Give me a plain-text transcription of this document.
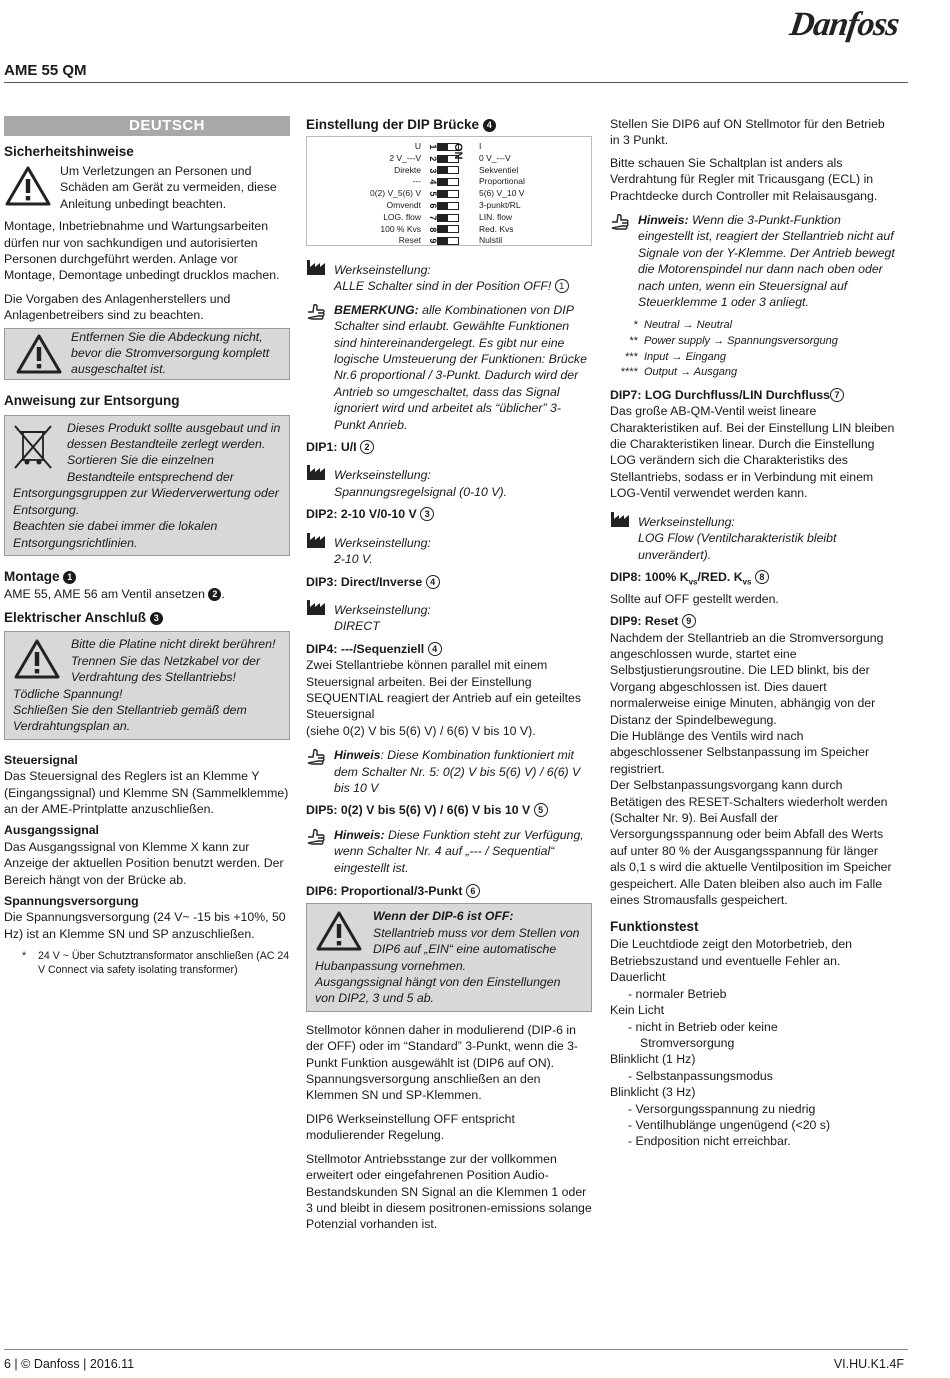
Danfoss
AME 55 QM
DEUTSCH
Sicherheitshinweise

Um Verletzungen an Personen und Schäden am Gerät zu vermeiden, diese Anleitung unbedingt beachten.

Montage, Inbetriebnahme und Wartungsarbeiten dürfen nur von sachkundigen und autorisierten Personen durchgeführt werden. Anlage vor Montage, Demontage unbedingt drucklos machen.

Die Vorgaben des Anlagenherstellers und Anlagenbetreibers sind zu beachten.

Entfernen Sie die Abdeckung nicht, bevor die Stromversorgung komplett ausgeschaltet ist.

Anweisung zur Entsorgung

Dieses Produkt sollte ausgebaut und in dessen Bestandteile zerlegt werden. Sortieren Sie die einzelnen Bestandteile entsprechend der

Entsorgungsgruppen zur Wiederverwertung oder Entsorgung.

Beachten sie dabei immer die lokalen Entsorgungsrichtlinien.

Montage 1

AME 55, AME 56 am Ventil ansetzen 2 .

Elektrischer Anschluß 3

Bitte die Platine nicht direkt berühren! Trennen Sie das Netzkabel vor der Verdrahtung des Stellantriebs!

Tödliche Spannung!

Schließen Sie den Stellantrieb gemäß dem Verdrahtungsplan an.

Steuersignal

Das Steuersignal des Reglers ist an Klemme Y (Eingangssignal) und Klemme SN (Sammelklemme) an der AME-Printplatte anzuschließen.

Ausgangssignal

Das Ausgangssignal von Klemme X kann zur Anzeige der aktuellen Position benutzt werden. Der Bereich hängt von der Brücke ab.

Spannungsversorgung

Die Spannungsversorgung (24 V~ -15 bis +10%, 50 Hz) ist an Klemme SN und SP anzuschließen.

* 24 V ~ Über Schutztransformator anschließen (AC 24 V Connect via safety isolating transformer)

Einstellung der DIP Brücke 4
U
2 V_---V
Direkte
---
0(2) V_5(6) V
Omvendt
LOG. flow
100 % Kvs
Reset
1
2
3
4
5
6
7
8
9
ON I
0 V_---V
Sekventiel
Proportional
5(6) V_10 V
3-punkt/RL
LIN. flow
Red. Kvs
Nulstil

Werkseinstellung:

ALLE Schalter sind in der Position OFF! 1

BEMERKUNG: alle Kombinationen von DIP Schalter sind erlaubt. Gewählte Funktionen sind hintereinandergelegt. Es gibt nur eine logische Umsteuerung der Funktionen: Brücke Nr.6 proportional / 3-Punkt. Dadurch wird der Antrieb so umgeschaltet, dass das Signal ignoriert wird und arbeitet als “üblicher” 3-Punkt Anrieb.

DIP1: U/I 2

Werkseinstellung:

Spannungsregelsignal (0-10 V).

DIP2: 2-10 V/0-10 V 3

Werkseinstellung:

2-10 V.

DIP3: Direct/Inverse 4

Werkseinstellung:

DIRECT

DIP4: ---/Sequenziell 4

Zwei Stellantriebe können parallel mit einem Steuersignal arbeiten. Bei der Einstellung SEQUENTIAL reagiert der Antrieb auf ein geteiltes Steuersignal

(siehe 0(2) V bis 5(6) V) / 6(6) V bis 10 V).

Hinweis: Diese Kombination funktioniert mit dem Schalter Nr. 5: 0(2) V bis 5(6) V) / 6(6) V bis 10 V

DIP5: 0(2) V bis 5(6) V) / 6(6) V bis 10 V 5

Hinweis: Diese Funktion steht zur Verfügung, wenn Schalter Nr. 4 auf „--- / Sequential“ eingestellt ist.

DIP6: Proportional/3-Punkt 6

Wenn der DIP-6 ist OFF:

Stellantrieb muss vor dem Stellen von DIP6 auf „EIN“ eine automatische

Hubanpassung vornehmen.

Ausgangssignal hängt von den Einstellungen von DIP2, 3 und 5 ab.

Stellmotor können daher in modulierend (DIP-6 in der OFF) oder im “Standard” 3-Punkt, wenn die 3-Punkt Funktion ausgewählt ist (DIP6 auf ON).

Spannungsversorgung anschließen an den Klemmen SN und SP-Klemmen.

DIP6 Werkseinstellung OFF entspricht modulierender Regelung.

Stellmotor Antriebsstange zur der vollkommen erweitert oder eingefahrenen Position Audio-Bestandskunden SN Signal an die Klemmen 1 oder 3 und bleibt in diesem positronen-emissions solange Potenzial vorhanden ist.

Stellen Sie DIP6 auf ON Stellmotor für den Betrieb in 3 Punkt.

Bitte schauen Sie Schaltplan ist anders als Verdrahtung für Regler mit Tricausgang (ECL) in Prachtdecke durch Controller mit Relaisausgang.

Hinweis: Wenn die 3-Punkt-Funktion eingestellt ist, reagiert der Stellantrieb nicht auf Signale von der Y-Klemme. Der Antrieb bewegt die Motorenspindel nur dann nach oben oder nach unten, wenn ein Steuersignal auf Steuerklemme 1 oder 3 anliegt.

* Neutral → Neutral
** Power supply → Spannungsversorgung
*** Input → Eingang
**** Output → Ausgang
DIP7: LOG Durchfluss/LIN Durchfluss 7

Das große AB-QM-Ventil weist lineare Charakteristiken auf. Bei der Einstellung LIN bleiben die Charakteristiken linear. Durch die Einstellung LOG verändern sich die Charakteristiks des Stellantriebs, sodass er in Verbindung mit einem LOG-Ventil verwendet werden kann.

Werkseinstellung:

LOG Flow (Ventilcharakteristik bleibt unverändert).

DIP8: 100% $K_{vs}$/RED. $K_{vs}$ 8

Sollte auf OFF gestellt werden.

DIP9: Reset 9

Nachdem der Stellantrieb an die Stromversorgung angeschlossen wurde, startet eine Selbstjustierungsroutine. Die LED blinkt, bis der Vorgang abgeschlossen ist. Dies dauert normalerweise einige Minuten, abhängig von der Distanz der Spindelbewegung.

Die Hublänge des Ventils wird nach abgeschlossener Selbstanpassung im Speicher registriert.

Der Selbstanpassungsvorgang kann durch Betätigen des RESET-Schalters wiederholt werden (Schalter Nr. 9). Bei Ausfall der Versorgungsspannung oder beim Abfall des Werts auf unter 80 % der Ausgangsspannung für länger als 0,1 s wird die aktuelle Ventilposition im Speicher gespeichert. Alle Daten bleiben also auch im Falle eines Stromausfalls gespeichert.

Funktionstest

Die Leuchtdiode zeigt den Motorbetrieb, den Betriebszustand und eventuelle Fehler an.

Dauerlicht

- normaler Betrieb

Kein Licht

- nicht in Betrieb oder keine

Stromversorgung

Blinklicht (1 Hz)

- Selbstanpassungsmodus

Blinklicht (3 Hz)

- Versorgungsspannung zu niedrig

- Ventilhublänge ungenügend (<20 s)

- Endposition nicht erreichbar.

6 | © Danfoss | 2016.11	VI.HU.K1.4F
